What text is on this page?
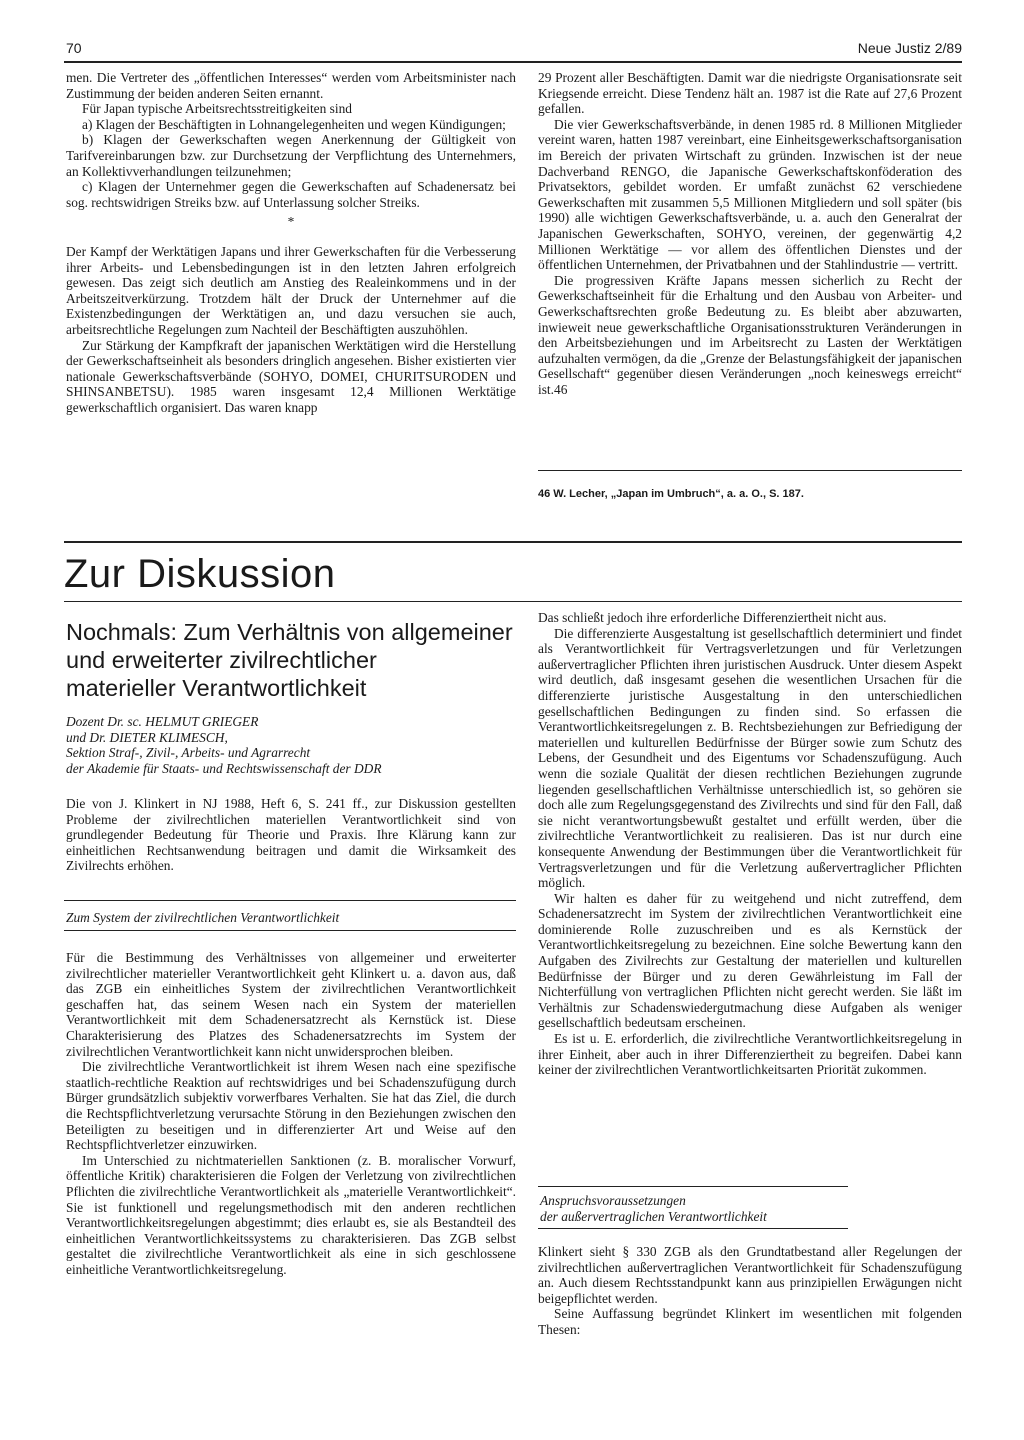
70	Neue Justiz 2/89

men. Die Vertreter des „öffentlichen Interesses“ werden vom Arbeitsminister nach Zustimmung der beiden anderen Seiten ernannt.

Für Japan typische Arbeitsrechtsstreitigkeiten sind

a) Klagen der Beschäftigten in Lohnangelegenheiten und wegen Kündigungen;

b) Klagen der Gewerkschaften wegen Anerkennung der Gültigkeit von Tarifvereinbarungen bzw. zur Durchsetzung der Verpflichtung des Unternehmers, an Kollektivverhandlungen teilzunehmen;

c) Klagen der Unternehmer gegen die Gewerkschaften auf Schadenersatz bei sog. rechtswidrigen Streiks bzw. auf Unterlassung solcher Streiks.

*

Der Kampf der Werktätigen Japans und ihrer Gewerkschaften für die Verbesserung ihrer Arbeits- und Lebensbedingungen ist in den letzten Jahren erfolgreich gewesen. Das zeigt sich deutlich am Anstieg des Realeinkommens und in der Arbeitszeitverkürzung. Trotzdem hält der Druck der Unternehmer auf die Existenzbedingungen der Werktätigen an, und dazu versuchen sie auch, arbeitsrechtliche Regelungen zum Nachteil der Beschäftigten auszuhöhlen.

Zur Stärkung der Kampfkraft der japanischen Werktätigen wird die Herstellung der Gewerkschaftseinheit als besonders dringlich angesehen. Bisher existierten vier nationale Gewerkschaftsverbände (SOHYO, DOMEI, CHURITSURODEN und SHINSANBETSU). 1985 waren insgesamt 12,4 Millionen Werktätige gewerkschaftlich organisiert. Das waren knapp

29 Prozent aller Beschäftigten. Damit war die niedrigste Organisationsrate seit Kriegsende erreicht. Diese Tendenz hält an. 1987 ist die Rate auf 27,6 Prozent gefallen.

Die vier Gewerkschaftsverbände, in denen 1985 rd. 8 Millionen Mitglieder vereint waren, hatten 1987 vereinbart, eine Einheitsgewerkschaftsorganisation im Bereich der privaten Wirtschaft zu gründen. Inzwischen ist der neue Dachverband RENGO, die Japanische Gewerkschaftskonföderation des Privatsektors, gebildet worden. Er umfaßt zunächst 62 verschiedene Gewerkschaften mit zusammen 5,5 Millionen Mitgliedern und soll später (bis 1990) alle wichtigen Gewerkschaftsverbände, u. a. auch den Generalrat der Japanischen Gewerkschaften, SOHYO, vereinen, der gegenwärtig 4,2 Millionen Werktätige — vor allem des öffentlichen Dienstes und der öffentlichen Unternehmen, der Privatbahnen und der Stahlindustrie — vertritt.

Die progressiven Kräfte Japans messen sicherlich zu Recht der Gewerkschaftseinheit für die Erhaltung und den Ausbau von Arbeiter- und Gewerkschaftsrechten große Bedeutung zu. Es bleibt aber abzuwarten, inwieweit neue gewerkschaftliche Organisationsstrukturen Veränderungen in den Arbeitsbeziehungen und im Arbeitsrecht zu Lasten der Werktätigen aufzuhalten vermögen, da die „Grenze der Belastungsfähigkeit der japanischen Gesellschaft“ gegenüber diesen Veränderungen „noch keineswegs erreicht“ ist.46

46 W. Lecher, „Japan im Umbruch“, a. a. O., S. 187.
Zur Diskussion
Nochmals: Zum Verhältnis von allgemeiner
und erweiterter zivilrechtlicher
materieller Verantwortlichkeit
Dozent Dr. sc. HELMUT GRIEGER
und Dr. DIETER KLIMESCH,
Sektion Straf-, Zivil-, Arbeits- und Agrarrecht
der Akademie für Staats- und Rechtswissenschaft der DDR

Die von J. Klinkert in NJ 1988, Heft 6, S. 241 ff., zur Diskussion gestellten Probleme der zivilrechtlichen materiellen Verantwortlichkeit sind von grundlegender Bedeutung für Theorie und Praxis. Ihre Klärung kann zur einheitlichen Rechtsanwendung beitragen und damit die Wirksamkeit des Zivilrechts erhöhen.

Zum System der zivilrechtlichen Verantwortlichkeit

Für die Bestimmung des Verhältnisses von allgemeiner und erweiterter zivilrechtlicher materieller Verantwortlichkeit geht Klinkert u. a. davon aus, daß das ZGB ein einheitliches System der zivilrechtlichen Verantwortlichkeit geschaffen hat, das seinem Wesen nach ein System der materiellen Verantwortlichkeit mit dem Schadenersatzrecht als Kernstück ist. Diese Charakterisierung des Platzes des Schadenersatzrechts im System der zivilrechtlichen Verantwortlichkeit kann nicht unwidersprochen bleiben.

Die zivilrechtliche Verantwortlichkeit ist ihrem Wesen nach eine spezifische staatlich-rechtliche Reaktion auf rechtswidriges und bei Schadenszufügung durch Bürger grundsätzlich subjektiv vorwerfbares Verhalten. Sie hat das Ziel, die durch die Rechtspflichtverletzung verursachte Störung in den Beziehungen zwischen den Beteiligten zu beseitigen und in differenzierter Art und Weise auf den Rechtspflichtverletzer einzuwirken.

Im Unterschied zu nichtmateriellen Sanktionen (z. B. moralischer Vorwurf, öffentliche Kritik) charakterisieren die Folgen der Verletzung von zivilrechtlichen Pflichten die zivilrechtliche Verantwortlichkeit als „materielle Verantwortlichkeit“. Sie ist funktionell und regelungsmethodisch mit den anderen rechtlichen Verantwortlichkeitsregelungen abgestimmt; dies erlaubt es, sie als Bestandteil des einheitlichen Verantwortlichkeitssystems zu charakterisieren. Das ZGB selbst gestaltet die zivilrechtliche Verantwortlichkeit als eine in sich geschlossene einheitliche Verantwortlichkeitsregelung.

Das schließt jedoch ihre erforderliche Differenziertheit nicht aus.

Die differenzierte Ausgestaltung ist gesellschaftlich determiniert und findet als Verantwortlichkeit für Vertragsverletzungen und für Verletzungen außervertraglicher Pflichten ihren juristischen Ausdruck. Unter diesem Aspekt wird deutlich, daß insgesamt gesehen die wesentlichen Ursachen für die differenzierte juristische Ausgestaltung in den unterschiedlichen gesellschaftlichen Bedingungen zu finden sind. So erfassen die Verantwortlichkeitsregelungen z. B. Rechtsbeziehungen zur Befriedigung der materiellen und kulturellen Bedürfnisse der Bürger sowie zum Schutz des Lebens, der Gesundheit und des Eigentums vor Schadenszufügung. Auch wenn die soziale Qualität der diesen rechtlichen Beziehungen zugrunde liegenden gesellschaftlichen Verhältnisse unterschiedlich ist, so gehören sie doch alle zum Regelungsgegenstand des Zivilrechts und sind für den Fall, daß sie nicht verantwortungsbewußt gestaltet und erfüllt werden, über die zivilrechtliche Verantwortlichkeit zu realisieren. Das ist nur durch eine konsequente Anwendung der Bestimmungen über die Verantwortlichkeit für Vertragsverletzungen und für die Verletzung außervertraglicher Pflichten möglich.

Wir halten es daher für zu weitgehend und nicht zutreffend, dem Schadenersatzrecht im System der zivilrechtlichen Verantwortlichkeit eine dominierende Rolle zuzuschreiben und es als Kernstück der Verantwortlichkeitsregelung zu bezeichnen. Eine solche Bewertung kann den Aufgaben des Zivilrechts zur Gestaltung der materiellen und kulturellen Bedürfnisse der Bürger und zu deren Gewährleistung im Fall der Nichterfüllung von vertraglichen Pflichten nicht gerecht werden. Sie läßt im Verhältnis zur Schadenswiedergutmachung diese Aufgaben als weniger gesellschaftlich bedeutsam erscheinen.

Es ist u. E. erforderlich, die zivilrechtliche Verantwortlichkeitsregelung in ihrer Einheit, aber auch in ihrer Differenziertheit zu begreifen. Dabei kann keiner der zivilrechtlichen Verantwortlichkeitsarten Priorität zukommen.

Anspruchsvoraussetzungen
der außervertraglichen Verantwortlichkeit

Klinkert sieht § 330 ZGB als den Grundtatbestand aller Regelungen der zivilrechtlichen außervertraglichen Verantwortlichkeit für Schadenszufügung an. Auch diesem Rechtsstandpunkt kann aus prinzipiellen Erwägungen nicht beigepflichtet werden.

Seine Auffassung begründet Klinkert im wesentlichen mit folgenden Thesen:
